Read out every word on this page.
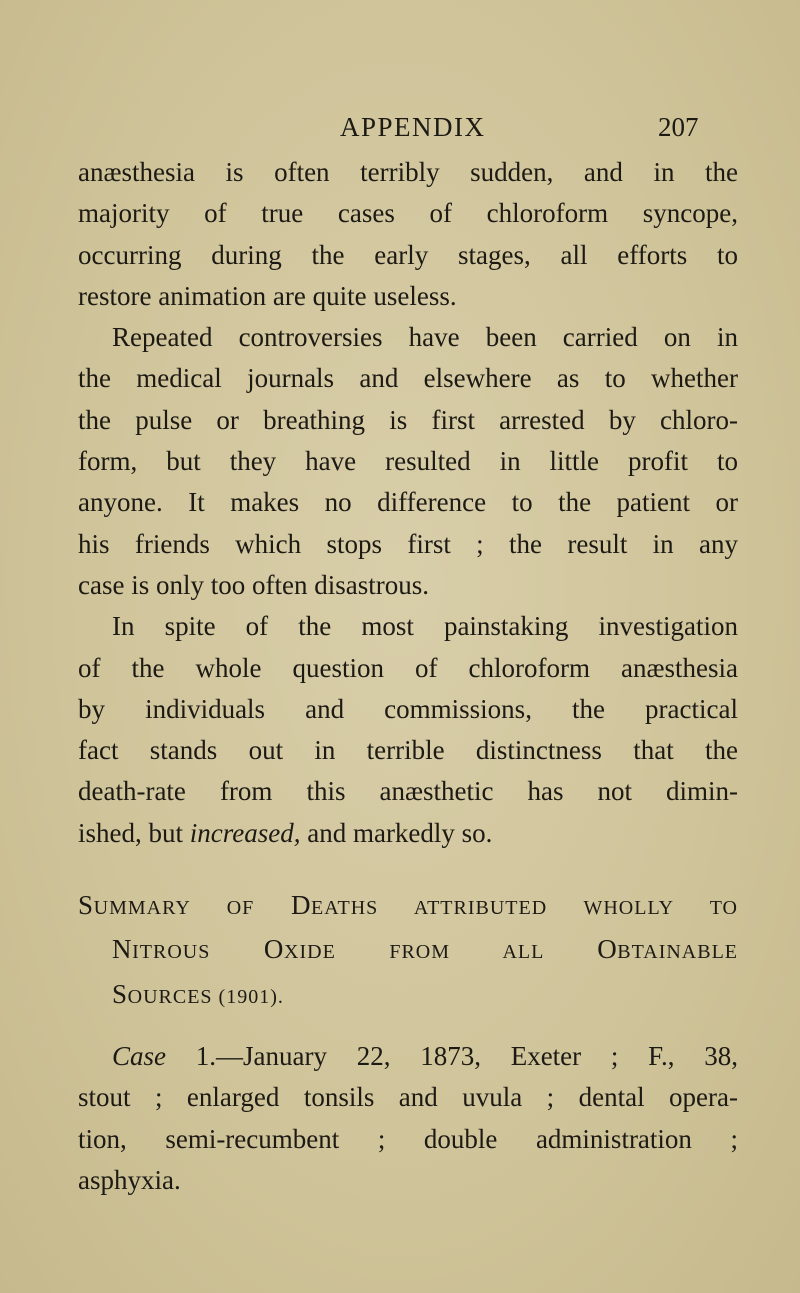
APPENDIX	207
anæsthesia is often terribly sudden, and in the
majority of true cases of chloroform syncope,
occurring during the early stages, all efforts to
restore animation are quite useless.
Repeated controversies have been carried on in
the medical journals and elsewhere as to whether
the pulse or breathing is first arrested by chloro-
form, but they have resulted in little profit to
anyone. It makes no difference to the patient or
his friends which stops first ; the result in any
case is only too often disastrous.
In spite of the most painstaking investigation
of the whole question of chloroform anæsthesia
by individuals and commissions, the practical
fact stands out in terrible distinctness that the
death-rate from this anæsthetic has not dimin-
ished, but increased, and markedly so.
SUMMARY OF DEATHS ATTRIBUTED WHOLLY TO
NITROUS OXIDE FROM ALL OBTAINABLE
SOURCES (1901).
Case 1.—January 22, 1873, Exeter ; F., 38,
stout ; enlarged tonsils and uvula ; dental opera-
tion, semi-recumbent ; double administration ;
asphyxia.
